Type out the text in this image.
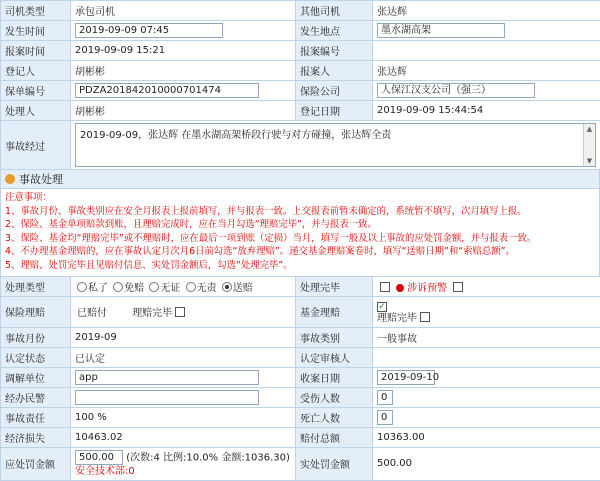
司机类型	承包司机	其他司机	张达辉
发生时间	2019-09-09 07:45	发生地点	墨水湖高架
报案时间	2019-09-09 15:21	报案编号	
登记人	胡彬彬	报案人	张达辉
保单编号	PDZA201842010000701474	保险公司	人保江汉支公司（强三）
处理人	胡彬彬	登记日期	2019-09-09 15:44:54
事故经过	2019-09-09，张达辉 在墨水湖高架桥段行驶与对方碰撞，张达辉全责
▲
▼		
事故处理
注意事项：
1、事故月份、事故类别应在安全月报表上报前填写，并与报表一致。上交报表前暂未确定的，系统暂不填写，次月填写上报。
2、保险、基金单项赔款到账，且理赔完成时，应在当月勾选“理赔完毕”，并与报表一致。
3、保险、基金均“理赔完毕”或不理赔时，应在最后一项到账（定损）当月，填写一般及以上事故的应处罚金额，并与报表一致。
4、不办理基金理赔的，应在事故认定月次月6日前勾选“放弃理赔”。递交基金理赔案卷时，填写“送赔日期”和“索赔总额”。
5、理赔、处罚完毕且见赔付信息、实处罚金额后，勾选“处理完毕”。
处理类型	私了 免赔 无证 无责 送赔	处理完毕	涉诉预警
保险理赔	已赔付 理赔完毕	基金理赔	✓
理赔完毕

事故月份	2019-09	事故类别	一般事故
认定状态	已认定	认定审核人	
调解单位	app	收案日期	2019-09-10
经办民警		受伤人数	0
事故责任	100 %	死亡人数	0
经济损失	10463.02	赔付总额	10363.00
应处罚金额	500.00 (次数:4 比例:10.0% 金额:1036.30)
安全技术部:0	实处罚金额	500.00
